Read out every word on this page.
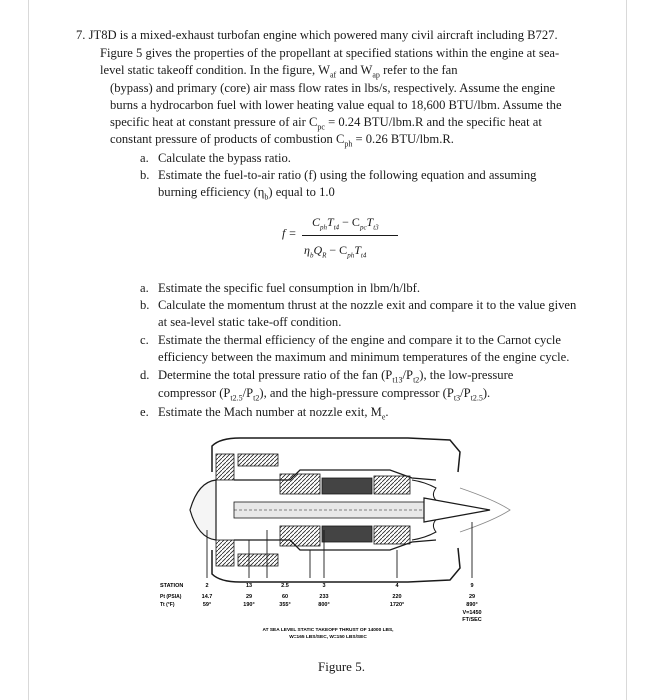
7. JT8D is a mixed-exhaust turbofan engine which powered many civil aircraft including B727.
Figure 5 gives the properties of the propellant at specified stations within the engine at sea-
level static takeoff condition. In the figure, $W_{af}$ and $W_{ap}$ refer to the fan
(bypass) and primary (core) air mass flow rates in lbs/s, respectively. Assume the engine
burns a hydrocarbon fuel with lower heating value equal to 18,600 BTU/lbm. Assume the
specific heat at constant pressure of air $C_{pc} = 0.24$ BTU/lbm.R and the specific heat at
constant pressure of products of combustion $C_{ph} = 0.26$ BTU/lbm.R.
a. Calculate the bypass ratio.
b. Estimate the fuel-to-air ratio (f) using the following equation and assuming
burning efficiency $(\eta_b)$ equal to 1.0
f =
$C_{ph}T_{t4} - C_{pc}T_{t3}$
$\eta_bQ_R - C_{ph}T_{t4}$
a. Estimate the specific fuel consumption in lbm/h/lbf.
b. Calculate the momentum thrust at the nozzle exit and compare it to the value given
at sea-level static take-off condition.
c. Estimate the thermal efficiency of the engine and compare it to the Carnot cycle
efficiency between the maximum and minimum temperatures of the engine cycle.
d. Determine the total pressure ratio of the fan $(P_{t13}/P_{t2})$, the low-pressure
compressor $(P_{t2.5}/P_{t2})$, and the high-pressure compressor $(P_{t3}/P_{t2.5})$.
e. Estimate the Mach number at nozzle exit, $M_e$.
STATION
Pt (PSIA)
Tt (°F)
2
14.7
59°
13
29
190°
2.5
60
355°
3
233
800°
4
220
1720°
9
29
890°
V=1450
FT/SEC
AT SEA LEVEL STATIC TAKEOFF THRUST OF 14000 LBS,
W=165 LBS/SEC, W=150 LBS/SEC
Figure 5.
